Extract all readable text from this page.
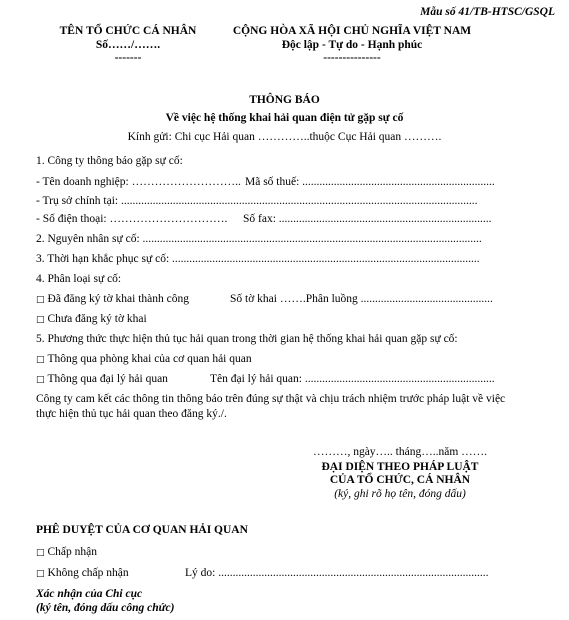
Mẫu số 41/TB-HTSC/GSQL
TÊN TỔ CHỨC CÁ NHÂN
Số……/…….
-------
CỘNG HÒA XÃ HỘI CHỦ NGHĨA VIỆT NAM
Độc lập - Tự do - Hạnh phúc
---------------
THÔNG BÁO
Về việc hệ thống khai hải quan điện tử gặp sự cố
Kính gửi: Chi cục Hải quan …………..thuộc Cục Hải quan ……….
1. Công ty thông báo gặp sự cố:
- Tên doanh nghiệp: ……………………….. Mã số thuế: ...................................................................
- Trụ sở chính tại: ............................................................................................................................
- Số điện thoại: …………………………. Số fax: ..........................................................................
2. Nguyên nhân sự cố: ......................................................................................................................
3. Thời hạn khắc phục sự cố: ...........................................................................................................
4. Phân loại sự cố:
□ Đã đăng ký tờ khai thành công	Số tờ khai …….Phân luồng ..............................................
□ Chưa đăng ký tờ khai
5. Phương thức thực hiện thủ tục hải quan trong thời gian hệ thống khai hải quan gặp sự cố:
□ Thông qua phòng khai của cơ quan hải quan
□ Thông qua đại lý hải quan	Tên đại lý hải quan: ..................................................................
Công ty cam kết các thông tin thông báo trên đúng sự thật và chịu trách nhiệm trước pháp luật về việc
thực hiện thủ tục hải quan theo đăng ký./.
………, ngày….. tháng…..năm …….
ĐẠI DIỆN THEO PHÁP LUẬT
CỦA TỔ CHỨC, CÁ NHÂN
(ký, ghi rõ họ tên, đóng dấu)
PHÊ DUYỆT CỦA CƠ QUAN HẢI QUAN
□ Chấp nhận
□ Không chấp nhận	Lý do: ..............................................................................................
Xác nhận của Chi cục
(ký tên, đóng dấu công chức)
